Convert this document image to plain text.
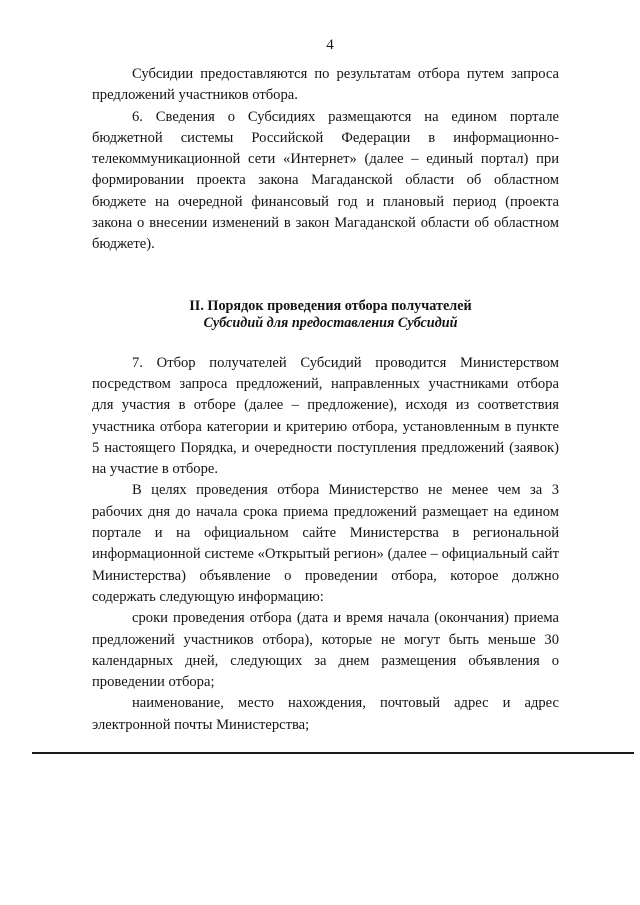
4

Субсидии предоставляются по результатам отбора путем запроса предложений участников отбора.

6. Сведения о Субсидиях размещаются на едином портале бюджетной системы Российской Федерации в информационно-телекоммуникационной сети «Интернет» (далее – единый портал) при формировании проекта закона Магаданской области об областном бюджете на очередной финансовый год и плановый период (проекта закона о внесении изменений в закон Магаданской области об областном бюджете).

II. Порядок проведения отбора получателей
Субсидий для предоставления Субсидий

7. Отбор получателей Субсидий проводится Министерством посредством запроса предложений, направленных участниками отбора для участия в отборе (далее – предложение), исходя из соответствия участника отбора категории и критерию отбора, установленным в пункте 5 настоящего Порядка, и очередности поступления предложений (заявок) на участие в отборе.

В целях проведения отбора Министерство не менее чем за 3 рабочих дня до начала срока приема предложений размещает на едином портале и на официальном сайте Министерства в региональной информационной системе «Открытый регион» (далее – официальный сайт Министерства) объявление о проведении отбора, которое должно содержать следующую информацию:

сроки проведения отбора (дата и время начала (окончания) приема предложений участников отбора), которые не могут быть меньше 30 календарных дней, следующих за днем размещения объявления о проведении отбора;

наименование, место нахождения, почтовый адрес и адрес электронной почты Министерства;
